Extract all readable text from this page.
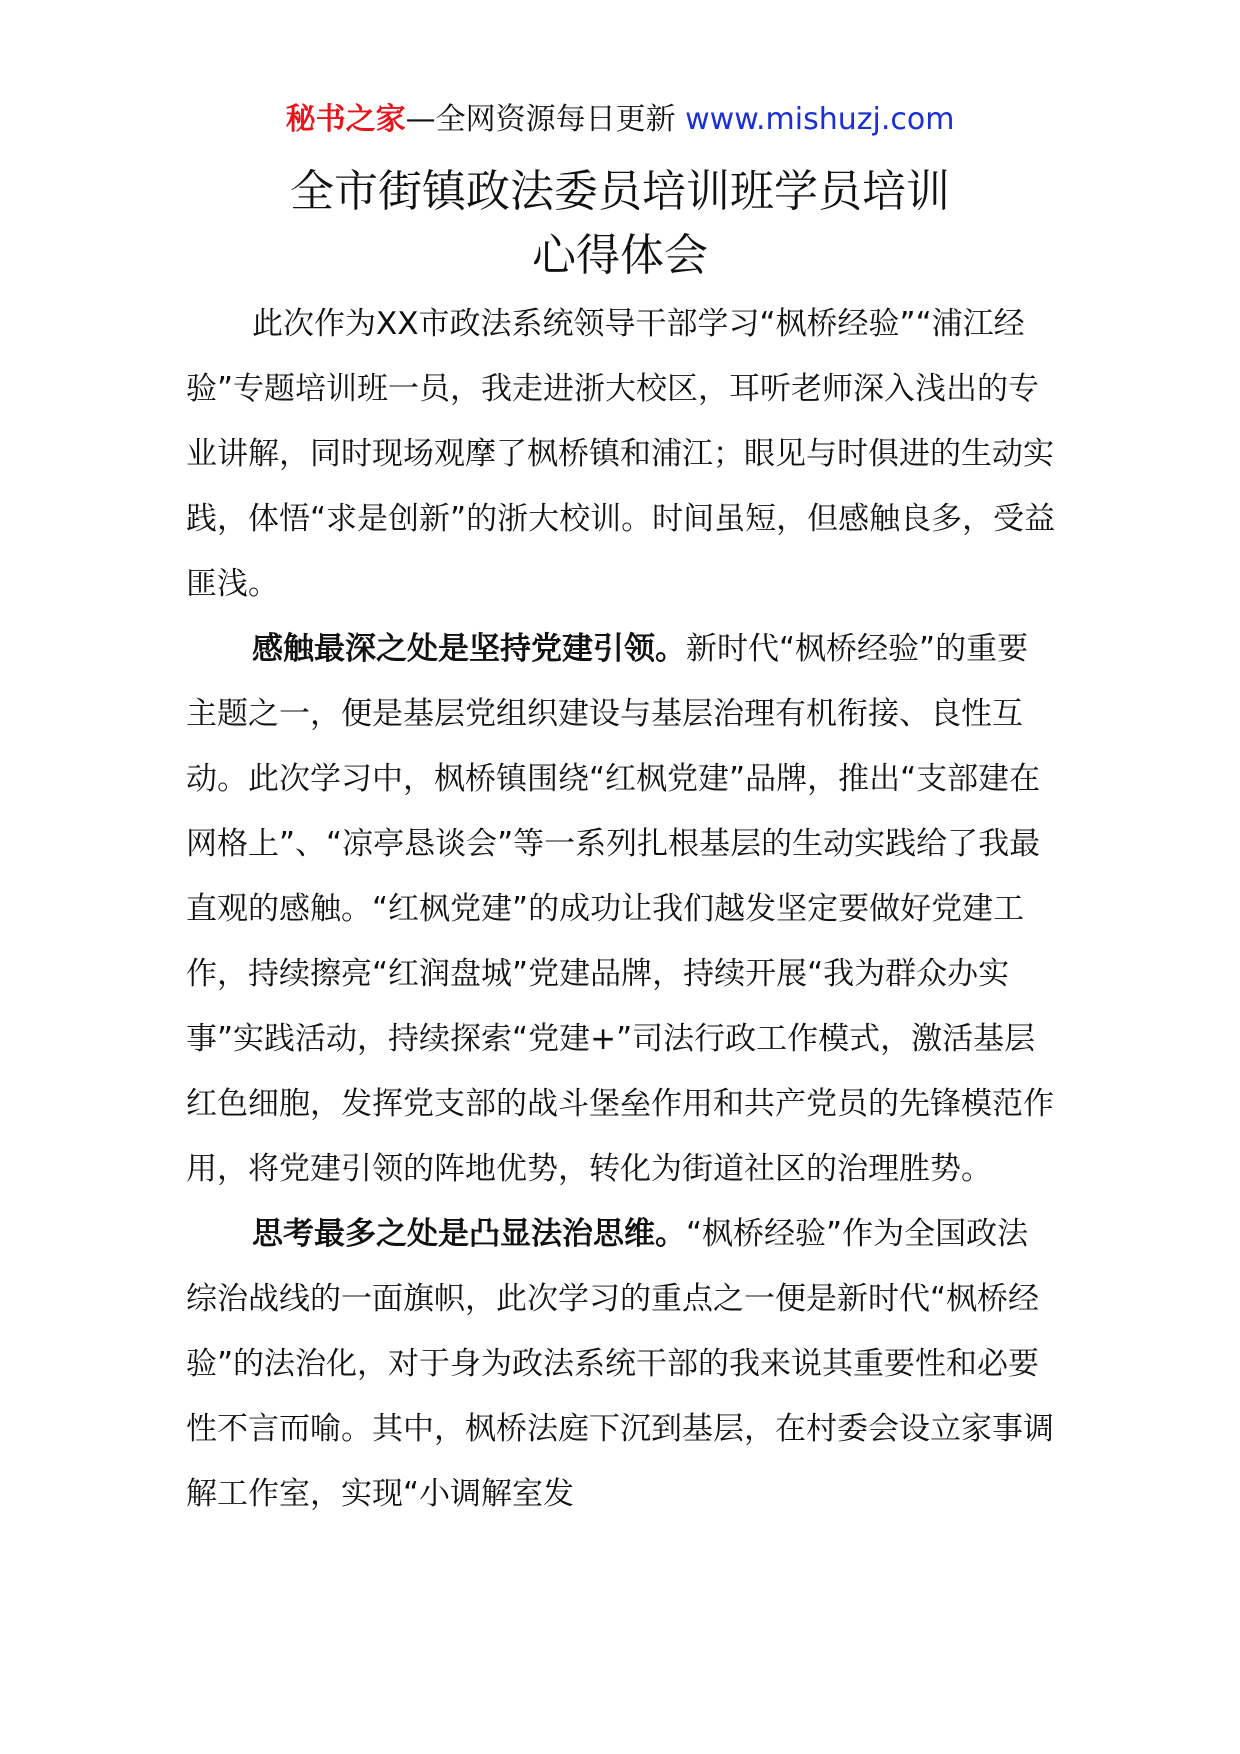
秘书之家—全网资源每日更新 www.mishuzj.com
全市街镇政法委员培训班学员培训
心得体会

此次作为XX市政法系统领导干部学习“枫桥经验”“浦江经验”专题培训班一员，我走进浙大校区，耳听老师深入浅出的专业讲解，同时现场观摩了枫桥镇和浦江；眼见与时俱进的生动实践，体悟“求是创新”的浙大校训。时间虽短，但感触良多，受益匪浅。

感触最深之处是坚持党建引领。新时代“枫桥经验”的重要主题之一，便是基层党组织建设与基层治理有机衔接、良性互动。此次学习中，枫桥镇围绕“红枫党建”品牌，推出“支部建在网格上”、“凉亭恳谈会”等一系列扎根基层的生动实践给了我最直观的感触。“红枫党建”的成功让我们越发坚定要做好党建工作，持续擦亮“红润盘城”党建品牌，持续开展“我为群众办实事”实践活动，持续探索“党建+”司法行政工作模式，激活基层红色细胞，发挥党支部的战斗堡垒作用和共产党员的先锋模范作用，将党建引领的阵地优势，转化为街道社区的治理胜势。

思考最多之处是凸显法治思维。“枫桥经验”作为全国政法综治战线的一面旗帜，此次学习的重点之一便是新时代“枫桥经验”的法治化，对于身为政法系统干部的我来说其重要性和必要性不言而喻。其中，枫桥法庭下沉到基层，在村委会设立家事调解工作室，实现“小调解室发
